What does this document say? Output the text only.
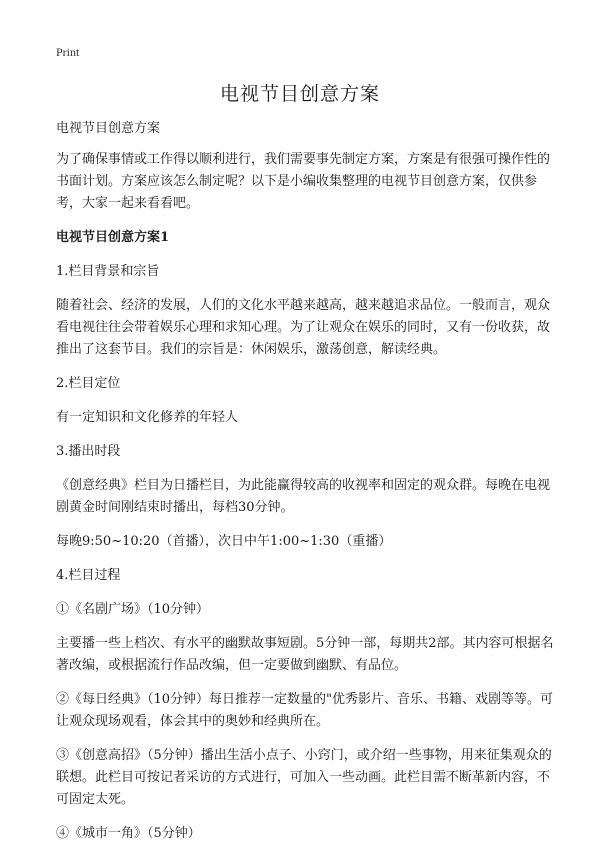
Print
电视节目创意方案

电视节目创意方案

为了确保事情或工作得以顺利进行，我们需要事先制定方案，方案是有很强可操作性的书面计划。方案应该怎么制定呢？以下是小编收集整理的电视节目创意方案，仅供参考，大家一起来看看吧。

电视节目创意方案1

1.栏目背景和宗旨

随着社会、经济的发展，人们的文化水平越来越高，越来越追求品位。一般而言，观众看电视往往会带着娱乐心理和求知心理。为了让观众在娱乐的同时，又有一份收获，故推出了这套节目。我们的宗旨是：休闲娱乐，激荡创意，解读经典。

2.栏目定位

有一定知识和文化修养的年轻人

3.播出时段

《创意经典》栏目为日播栏目，为此能赢得较高的收视率和固定的观众群。每晚在电视剧黄金时间刚结束时播出，每档30分钟。

每晚9:50~10:20（首播），次日中午1:00~1:30（重播）

4.栏目过程

①《名剧广场》（10分钟）

主要播一些上档次、有水平的幽默故事短剧。5分钟一部，每期共2部。其内容可根据名著改编，或根据流行作品改编，但一定要做到幽默、有品位。

②《每日经典》（10分钟）每日推荐一定数量的"优秀影片、音乐、书籍、戏剧等等。可让观众现场观看，体会其中的奥妙和经典所在。

③《创意高招》（5分钟）播出生活小点子、小窍门，或介绍一些事物，用来征集观众的联想。此栏目可按记者采访的方式进行，可加入一些动画。此栏目需不断革新内容，不可固定太死。

④《城市一角》（5分钟）
